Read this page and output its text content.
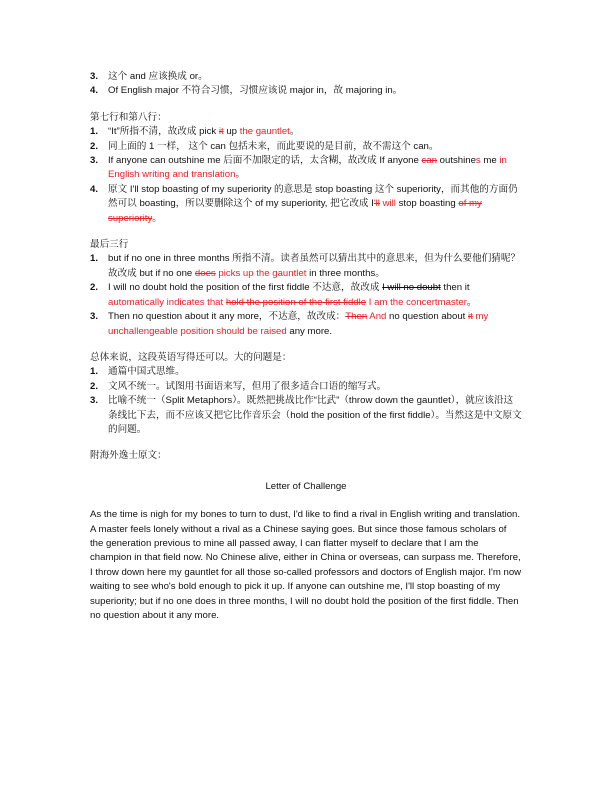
3. 这个 and 应该换成 or。
4. Of English major 不符合习惯，习惯应该说 major in，故 majoring in。
第七行和第八行：
1. “It”所指不清，故改成 pick it up the gauntlet。
2. 同上面的 1 一样， 这个 can 包括未来，而此要说的是目前，故不需这个 can。
3. If anyone can outshine me 后面不加限定的话，太含糊，故改成 If anyone can outshines me in English writing and translation。
4. 原文 I'll stop boasting of my superiority 的意思是 stop boasting 这个 superiority，而其他的方面仍然可以 boasting，所以要删除这个 of my superiority, 把它改成 I'll will stop boasting of my superiority。
最后三行
1. but if no one in three months 所指不清。读者虽然可以猜出其中的意思来，但为什么要他们猜呢？故改成 but if no one does picks up the gauntlet in three months。
2. I will no doubt hold the position of the first fiddle 不达意，故改成 I will no doubt then it automatically indicates that hold the position of the first fiddle I am the concertmaster。
3. Then no question about it any more，不达意，故改成：Then And no question about it my unchallengeable position should be raised any more.
总体来说，这段英语写得还可以。大的问题是：
1. 通篇中国式思维。
2. 文风不统一。试图用书面语来写，但用了很多适合口语的缩写式。
3. 比喻不统一（Split Metaphors）。既然把挑战比作“比武”（throw down the gauntlet），就应该沿这条线比下去，而不应该又把它比作音乐会（hold the position of the first fiddle）。当然这是中文原文的问题。
附海外逸士原文：
Letter of Challenge

As the time is nigh for my bones to turn to dust, I'd like to find a rival in English writing and translation. A master feels lonely without a rival as a Chinese saying goes. But since those famous scholars of the generation previous to mine all passed away, I can flatter myself to declare that I am the champion in that field now. No Chinese alive, either in China or overseas, can surpass me. Therefore, I throw down here my gauntlet for all those so-called professors and doctors of English major. I'm now waiting to see who's bold enough to pick it up. If anyone can outshine me, I'll stop boasting of my superiority; but if no one does in three months, I will no doubt hold the position of the first fiddle. Then no question about it any more.
